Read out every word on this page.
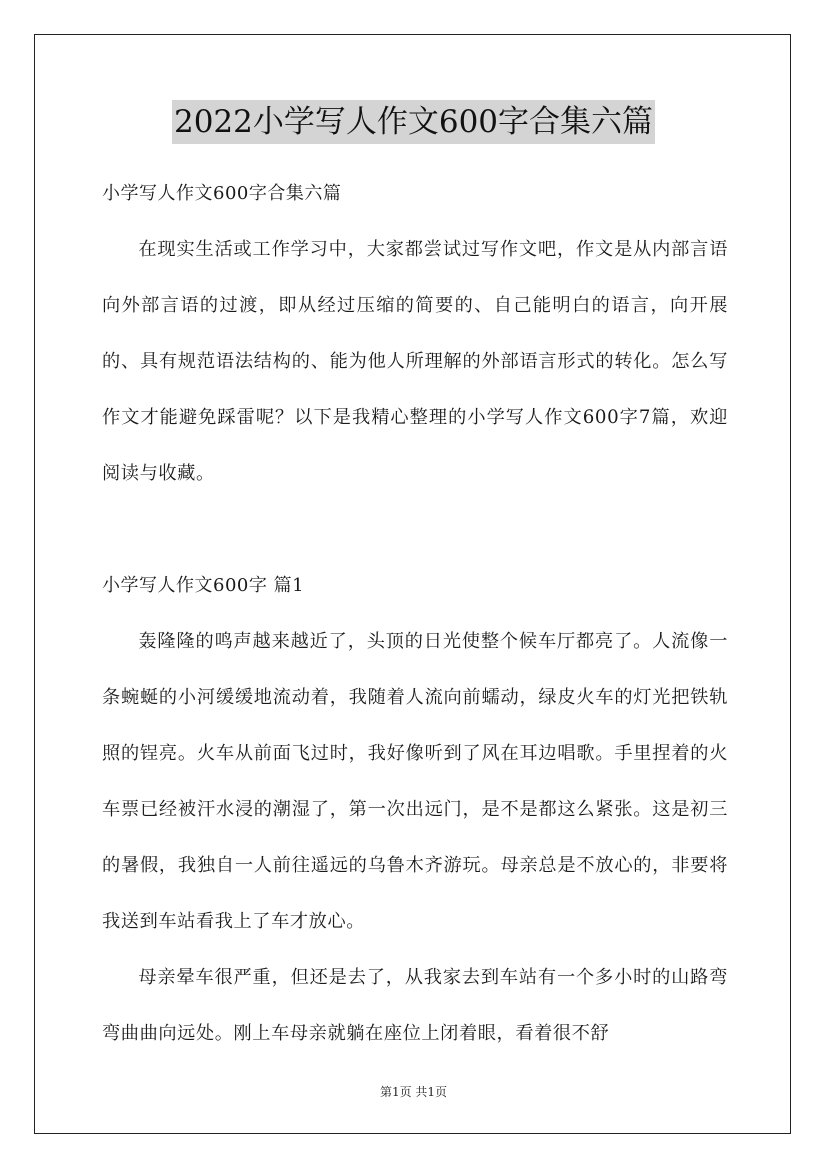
2022小学写人作文600字合集六篇

小学写人作文600字合集六篇

在现实生活或工作学习中，大家都尝试过写作文吧，作文是从内部言语向外部言语的过渡，即从经过压缩的简要的、自己能明白的语言，向开展的、具有规范语法结构的、能为他人所理解的外部语言形式的转化。怎么写作文才能避免踩雷呢？以下是我精心整理的小学写人作文600字7篇，欢迎阅读与收藏。

小学写人作文600字 篇1

轰隆隆的鸣声越来越近了，头顶的日光使整个候车厅都亮了。人流像一条蜿蜒的小河缓缓地流动着，我随着人流向前蠕动，绿皮火车的灯光把铁轨照的锃亮。火车从前面飞过时，我好像听到了风在耳边唱歌。手里捏着的火车票已经被汗水浸的潮湿了，第一次出远门，是不是都这么紧张。这是初三的暑假，我独自一人前往遥远的乌鲁木齐游玩。母亲总是不放心的，非要将我送到车站看我上了车才放心。

母亲晕车很严重，但还是去了，从我家去到车站有一个多小时的山路弯弯曲曲向远处。刚上车母亲就躺在座位上闭着眼，看着很不舒

第1页 共1页
